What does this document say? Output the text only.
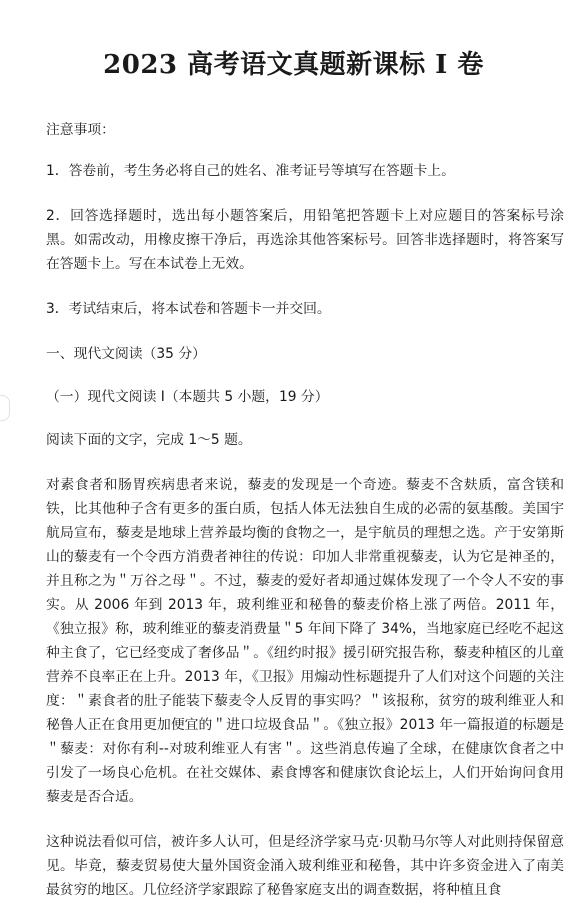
2023 高考语文真题新课标 I 卷

注意事项：

1．答卷前，考生务必将自己的姓名、准考证号等填写在答题卡上。

2．回答选择题时，选出每小题答案后，用铅笔把答题卡上对应题目的答案标号涂黑。如需改动，用橡皮擦干净后，再选涂其他答案标号。回答非选择题时，将答案写在答题卡上。写在本试卷上无效。

3．考试结束后，将本试卷和答题卡一并交回。

一、现代文阅读（35 分）

（一）现代文阅读 I（本题共 5 小题，19 分）

阅读下面的文字，完成 1～5 题。

对素食者和肠胃疾病患者来说，藜麦的发现是一个奇迹。藜麦不含麸质，富含镁和铁，比其他种子含有更多的蛋白质，包括人体无法独自生成的必需的氨基酸。美国宇航局宣布，藜麦是地球上营养最均衡的食物之一，是宇航员的理想之选。产于安第斯山的藜麦有一个令西方消费者神往的传说：印加人非常重视藜麦，认为它是神圣的，并且称之为＂万谷之母＂。不过，藜麦的爱好者却通过媒体发现了一个令人不安的事实。从 2006 年到 2013 年，玻利维亚和秘鲁的藜麦价格上涨了两倍。2011 年，《独立报》称，玻利维亚的藜麦消费量＂5 年间下降了 34%，当地家庭已经吃不起这种主食了，它已经变成了奢侈品＂。《纽约时报》援引研究报告称，藜麦种植区的儿童营养不良率正在上升。2013 年，《卫报》用煽动性标题提升了人们对这个问题的关注度：＂素食者的肚子能装下藜麦令人反胃的事实吗？＂该报称，贫穷的玻利维亚人和秘鲁人正在食用更加便宜的＂进口垃圾食品＂。《独立报》2013 年一篇报道的标题是＂藜麦：对你有利--对玻利维亚人有害＂。这些消息传遍了全球，在健康饮食者之中引发了一场良心危机。在社交媒体、素食博客和健康饮食论坛上，人们开始询问食用藜麦是否合适。

这种说法看似可信，被许多人认可，但是经济学家马克·贝勒马尔等人对此则持保留意见。毕竟，藜麦贸易使大量外国资金涌入玻利维亚和秘鲁，其中许多资金进入了南美最贫穷的地区。几位经济学家跟踪了秘鲁家庭支出的调查数据，将种植且食
